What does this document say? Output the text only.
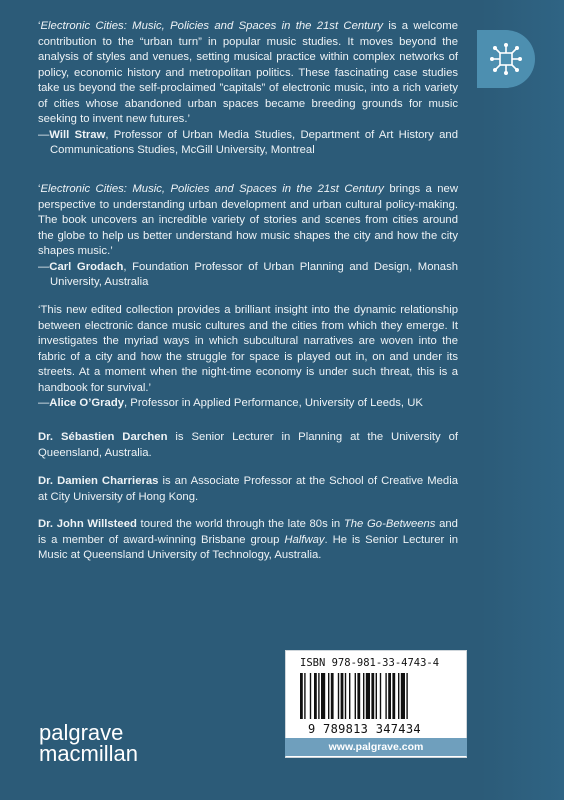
‘Electronic Cities: Music, Policies and Spaces in the 21st Century is a welcome contribution to the “urban turn” in popular music studies. It moves beyond the analysis of styles and venues, setting musical practice within complex networks of policy, economic history and metropolitan politics. These fascinating case studies take us beyond the self-proclaimed ”capitals” of electronic music, into a rich variety of cities whose abandoned urban spaces became breeding grounds for music seeking to invent new futures.’

—Will Straw, Professor of Urban Media Studies, Department of Art History and Communications Studies, McGill University, Montreal

‘Electronic Cities: Music, Policies and Spaces in the 21st Century brings a new perspective to understanding urban development and urban cultural policy-making. The book uncovers an incredible variety of stories and scenes from cities around the globe to help us better understand how music shapes the city and how the city shapes music.’

—Carl Grodach, Foundation Professor of Urban Planning and Design, Monash University, Australia

‘This new edited collection provides a brilliant insight into the dynamic relationship between electronic dance music cultures and the cities from which they emerge. It investigates the myriad ways in which subcultural narratives are woven into the fabric of a city and how the struggle for space is played out in, on and under its streets. At a moment when the night-time economy is under such threat, this is a handbook for survival.’

—Alice O’Grady, Professor in Applied Performance, University of Leeds, UK

Dr. Sébastien Darchen is Senior Lecturer in Planning at the University of Queensland, Australia.
Dr. Damien Charrieras is an Associate Professor at the School of Creative Media at City University of Hong Kong.
Dr. John Willsteed toured the world through the late 80s in The Go-Betweens and is a member of award-winning Brisbane group Halfway. He is Senior Lecturer in Music at Queensland University of Technology, Australia.
ISBN 978-981-33-4743-4
9 789813 347434
www.palgrave.com
palgrave
macmillan
